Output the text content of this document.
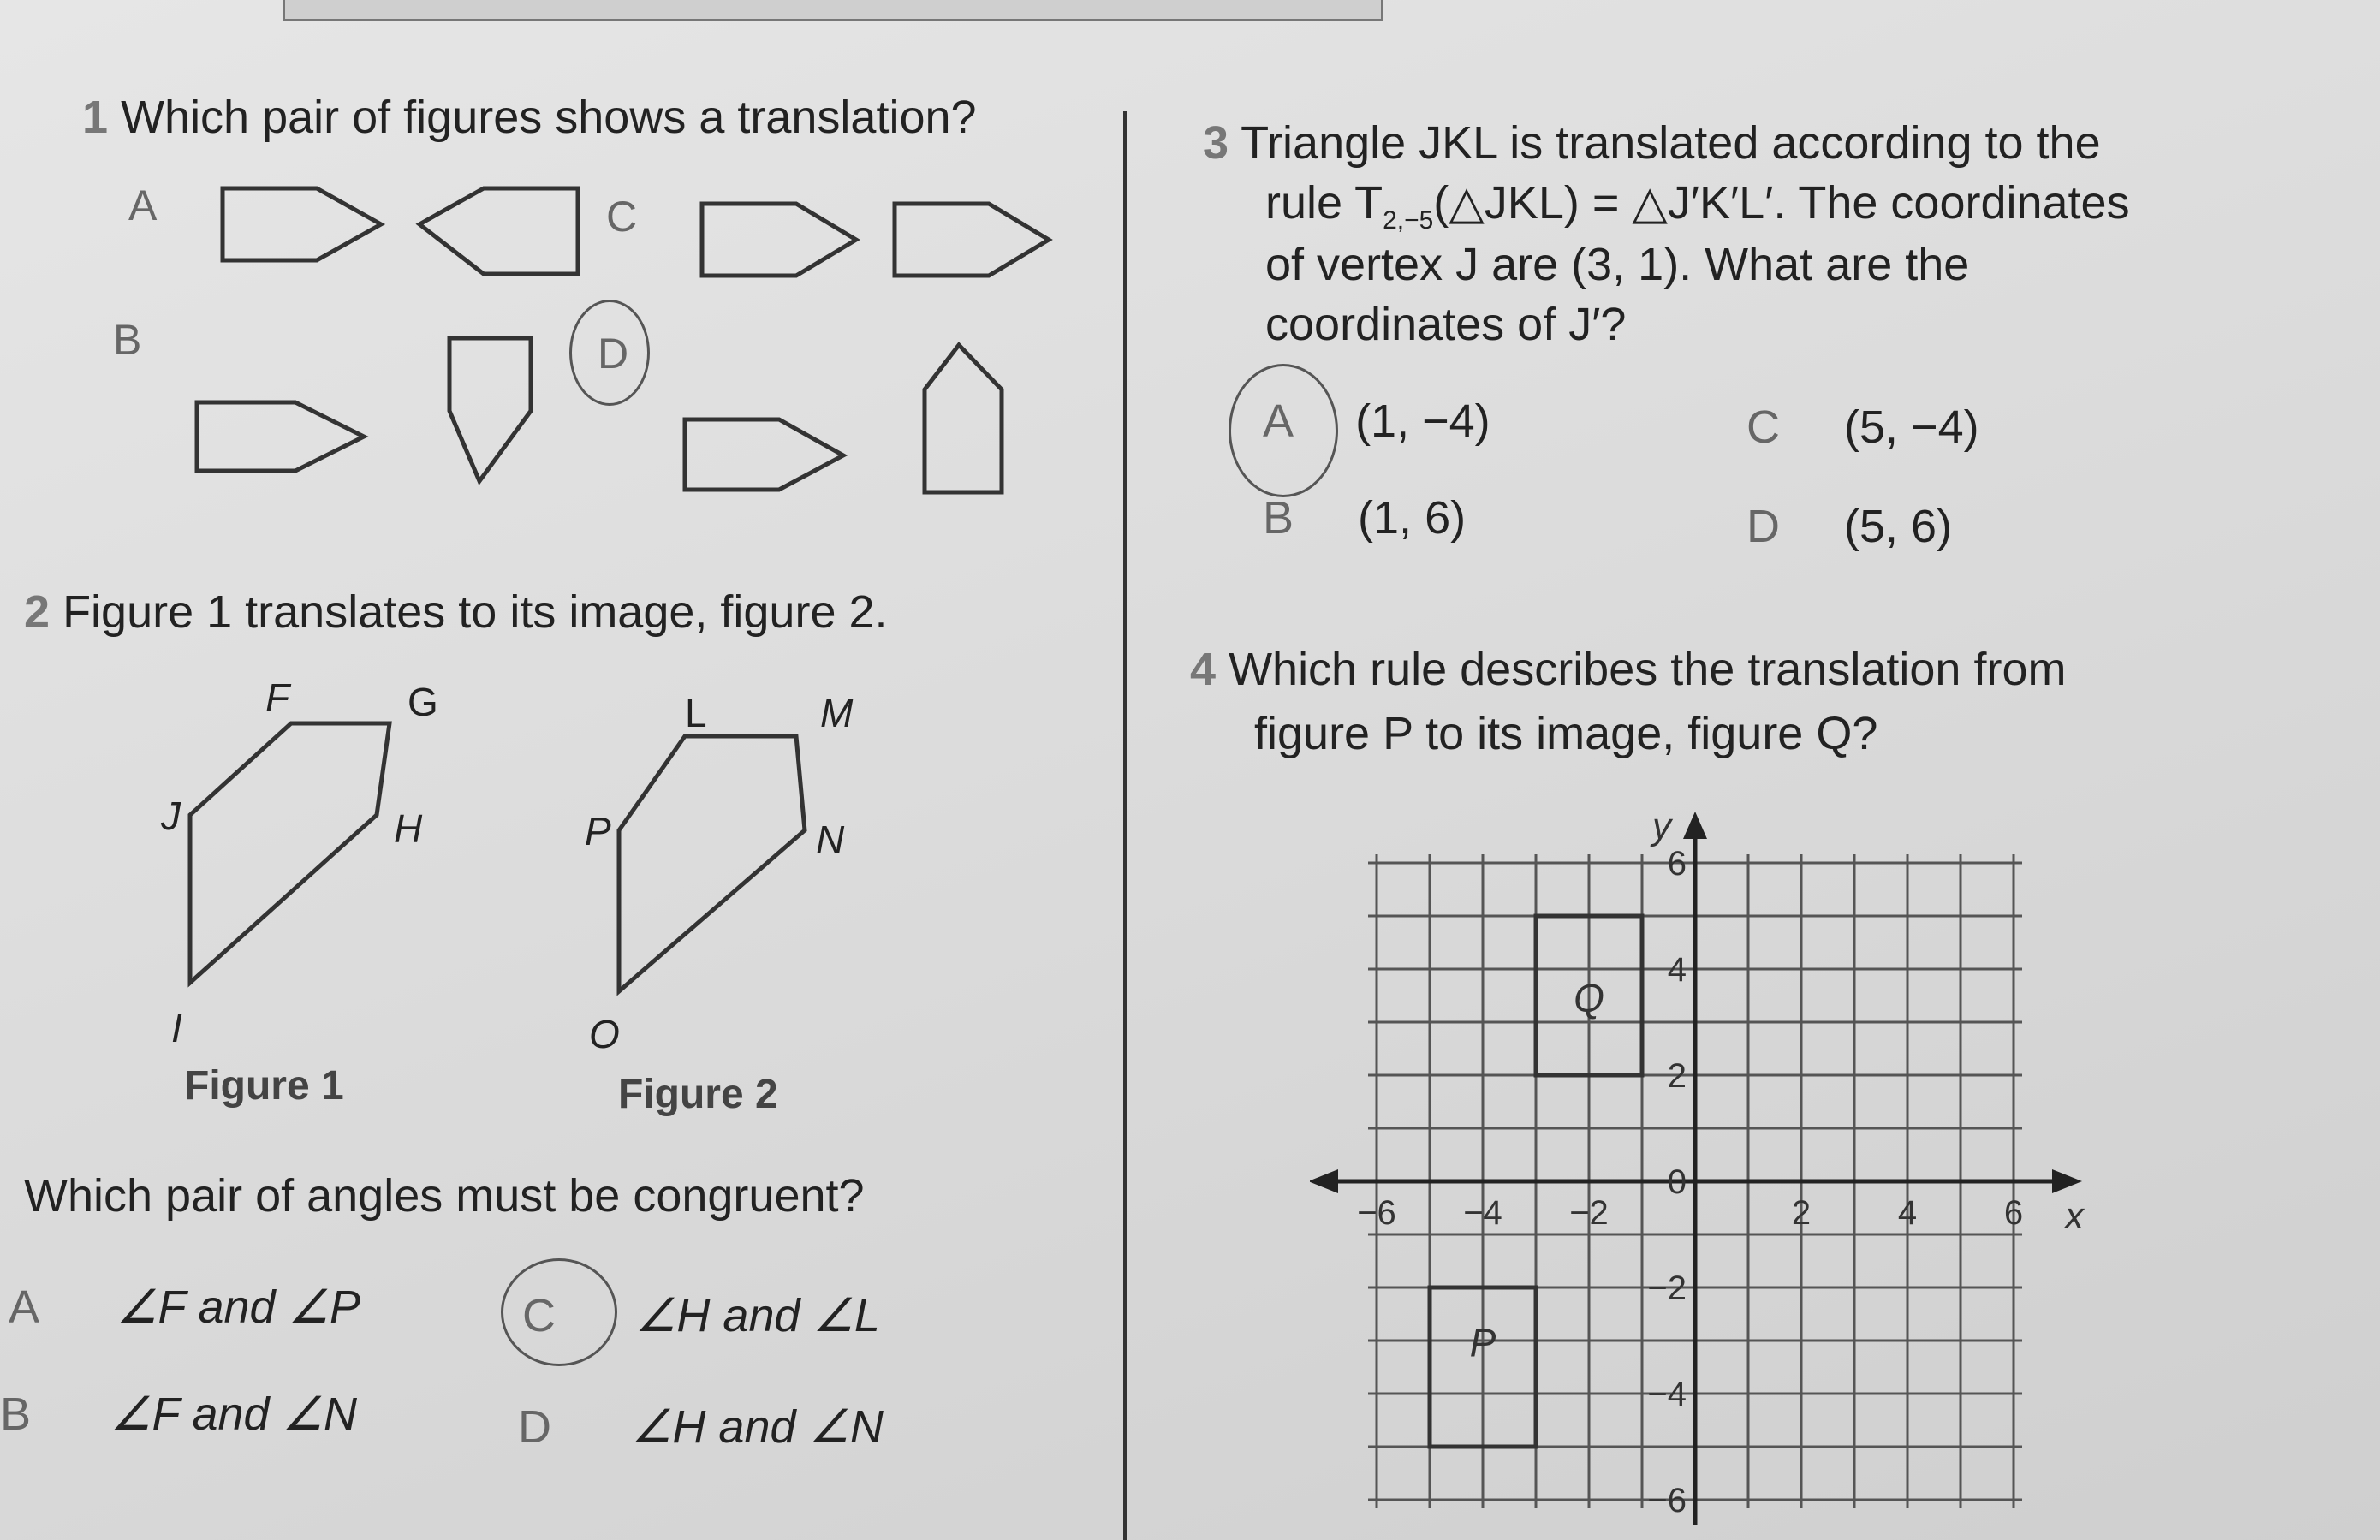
1 Which pair of figures shows a translation?
A	C
B	D
2 Figure 1 translates to its image, figure 2.
F	G
H
I
J
Figure 1
L	M
N
O
P
Figure 2
Which pair of angles must be congruent?
A ∠F and ∠P
B ∠F and ∠N
C ∠H and ∠L
D ∠H and ∠N
3 Triangle JKL is translated according to the
rule $T_{2,-5}(\triangle JKL)$ = △J′K′L′. The coordinates
of vertex J are (3, 1). What are the
coordinates of J′?
A (1, −4)
B (1, 6)
C (5, −4)
D (5, 6)
4 Which rule describes the translation from
figure P to its image, figure Q?
y
x
−6 −4 −2	2	4	6
6
4
2
0
−2
−4
−6
Q
P
